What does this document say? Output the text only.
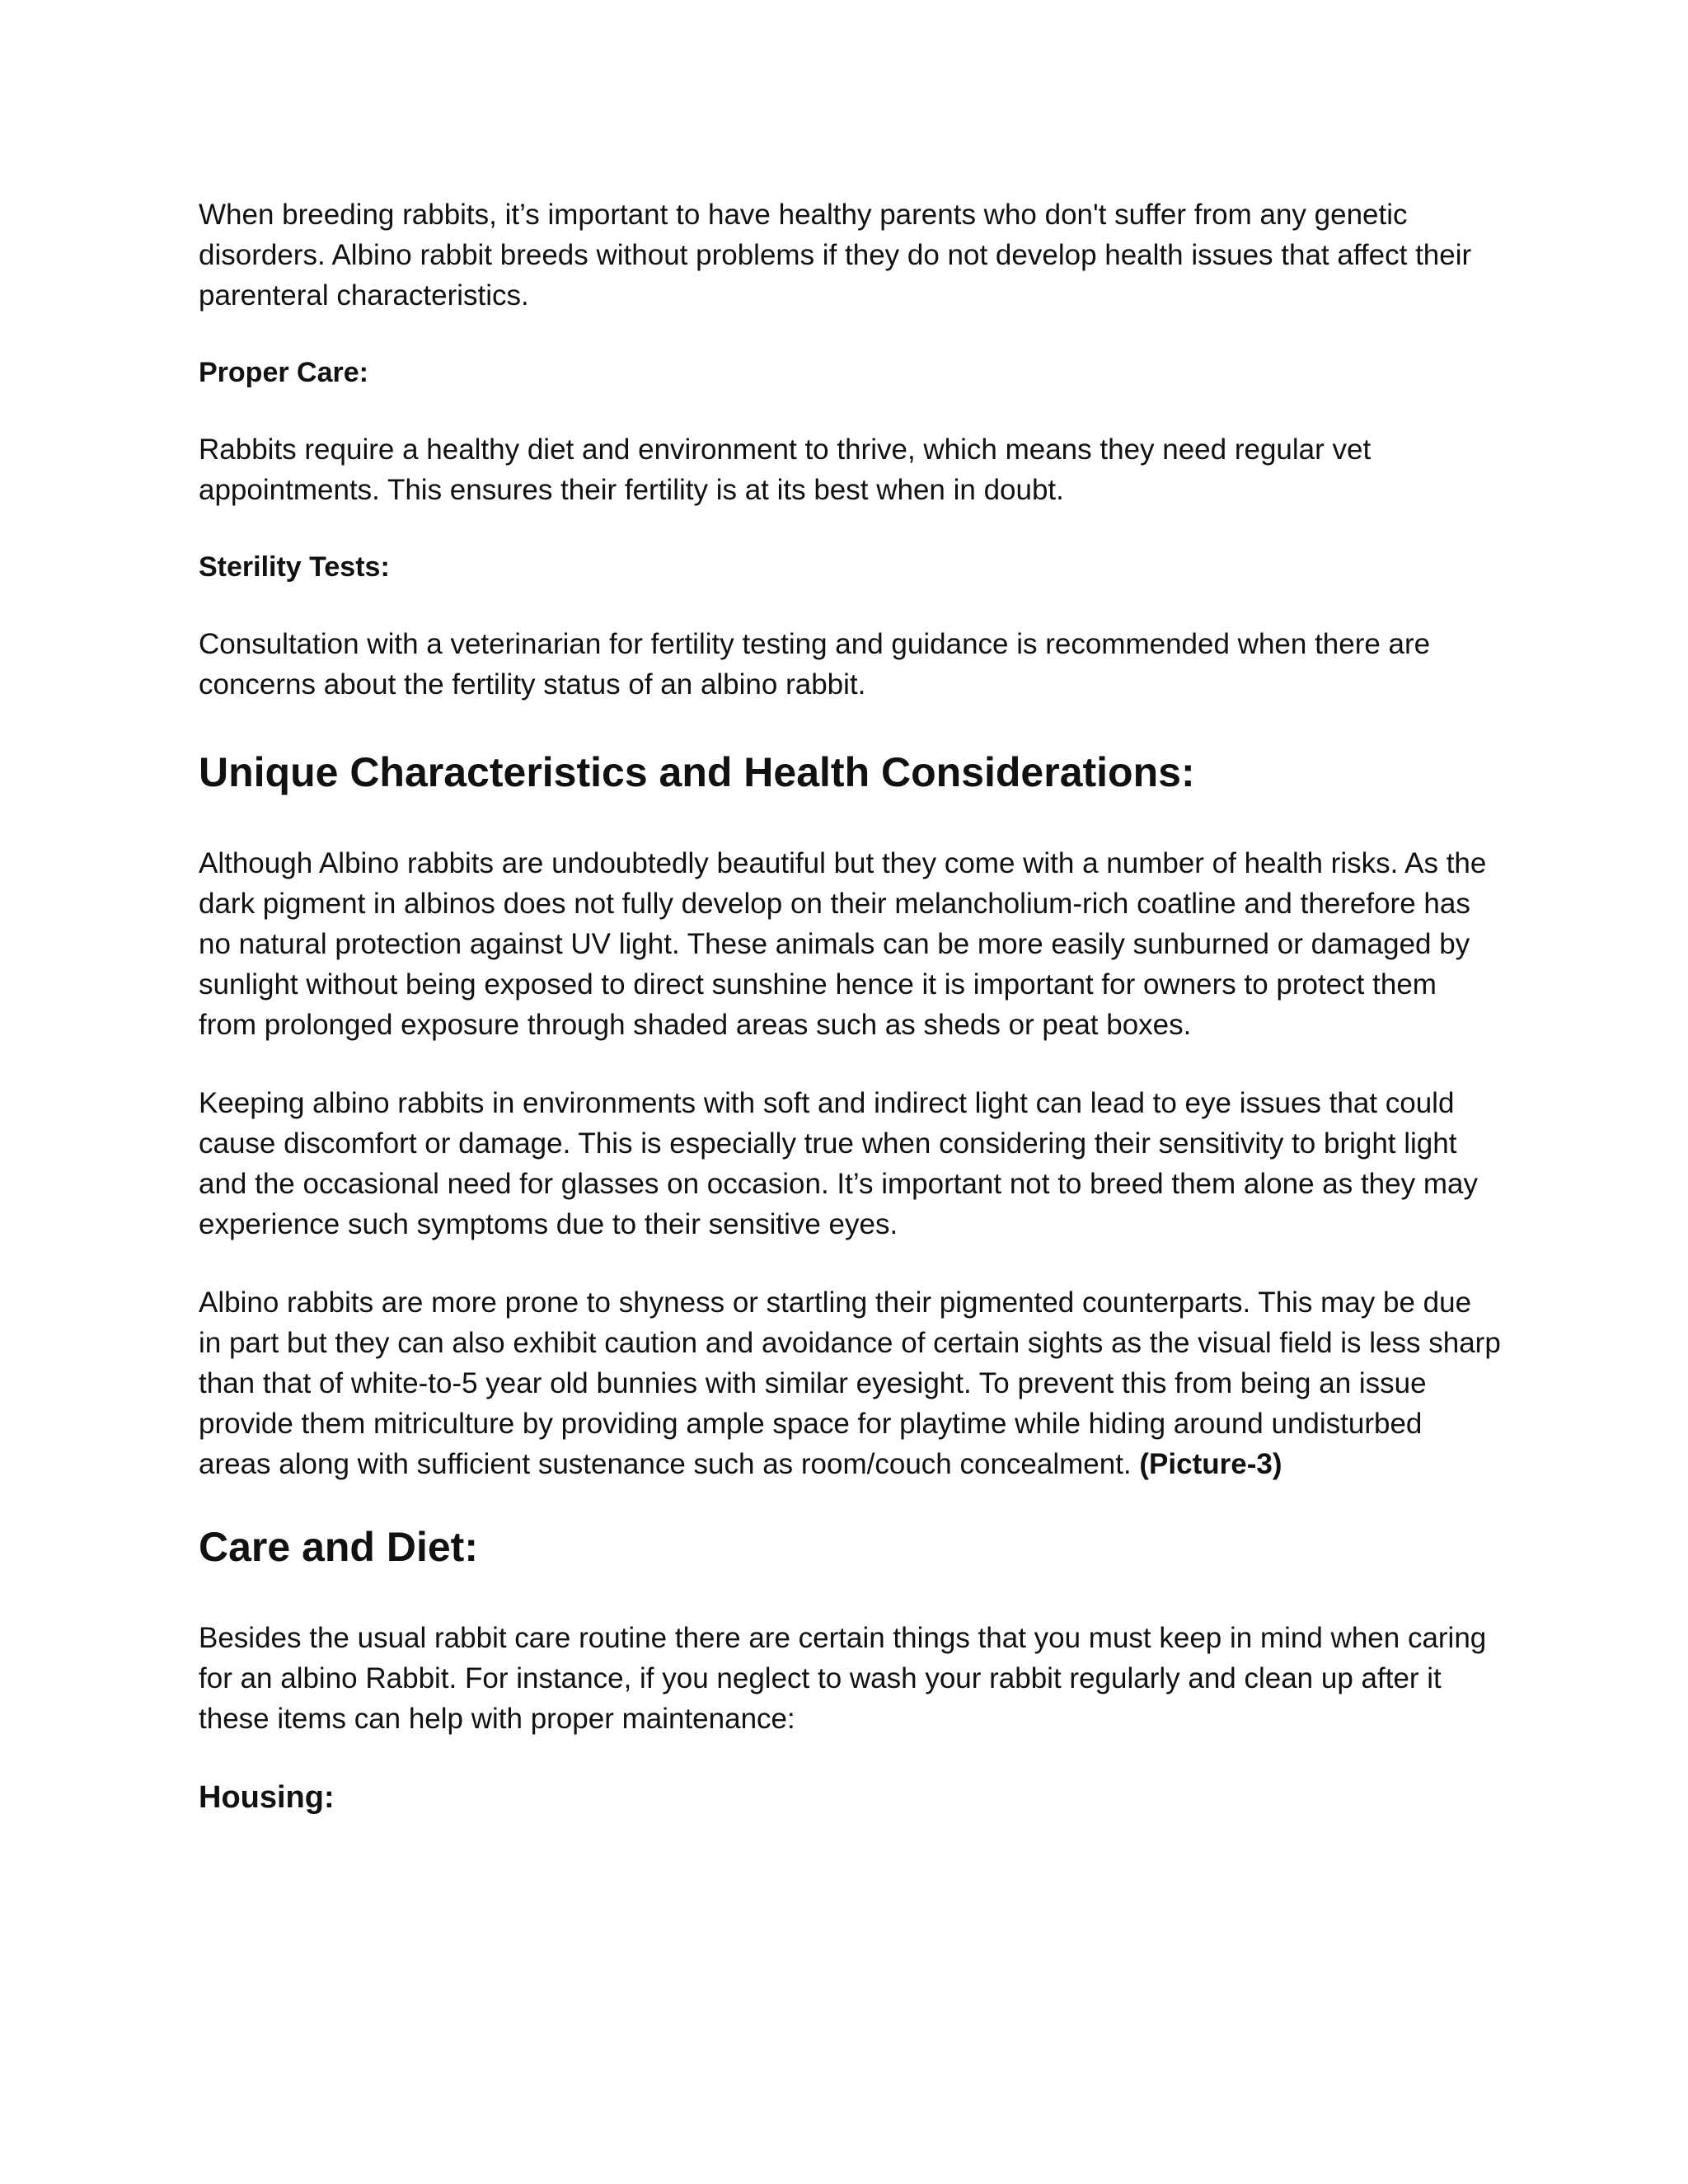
When breeding rabbits, it’s important to have healthy parents who don't suffer from any genetic disorders. Albino rabbit breeds without problems if they do not develop health issues that affect their parenteral characteristics.

Proper Care:

Rabbits require a healthy diet and environment to thrive, which means they need regular vet appointments. This ensures their fertility is at its best when in doubt.

Sterility Tests:

Consultation with a veterinarian for fertility testing and guidance is recommended when there are concerns about the fertility status of an albino rabbit.

Unique Characteristics and Health Considerations:

Although Albino rabbits are undoubtedly beautiful but they come with a number of health risks. As the dark pigment in albinos does not fully develop on their melancholium-rich coatline and therefore has no natural protection against UV light. These animals can be more easily sunburned or damaged by sunlight without being exposed to direct sunshine hence it is important for owners to protect them from prolonged exposure through shaded areas such as sheds or peat boxes.

Keeping albino rabbits in environments with soft and indirect light can lead to eye issues that could cause discomfort or damage. This is especially true when considering their sensitivity to bright light and the occasional need for glasses on occasion. It’s important not to breed them alone as they may experience such symptoms due to their sensitive eyes.

Albino rabbits are more prone to shyness or startling their pigmented counterparts. This may be due in part but they can also exhibit caution and avoidance of certain sights as the visual field is less sharp than that of white-to-5 year old bunnies with similar eyesight. To prevent this from being an issue provide them mitriculture by providing ample space for playtime while hiding around undisturbed areas along with sufficient sustenance such as room/couch concealment. (Picture-3)

Care and Diet:

Besides the usual rabbit care routine there are certain things that you must keep in mind when caring for an albino Rabbit. For instance, if you neglect to wash your rabbit regularly and clean up after it these items can help with proper maintenance:

Housing:
